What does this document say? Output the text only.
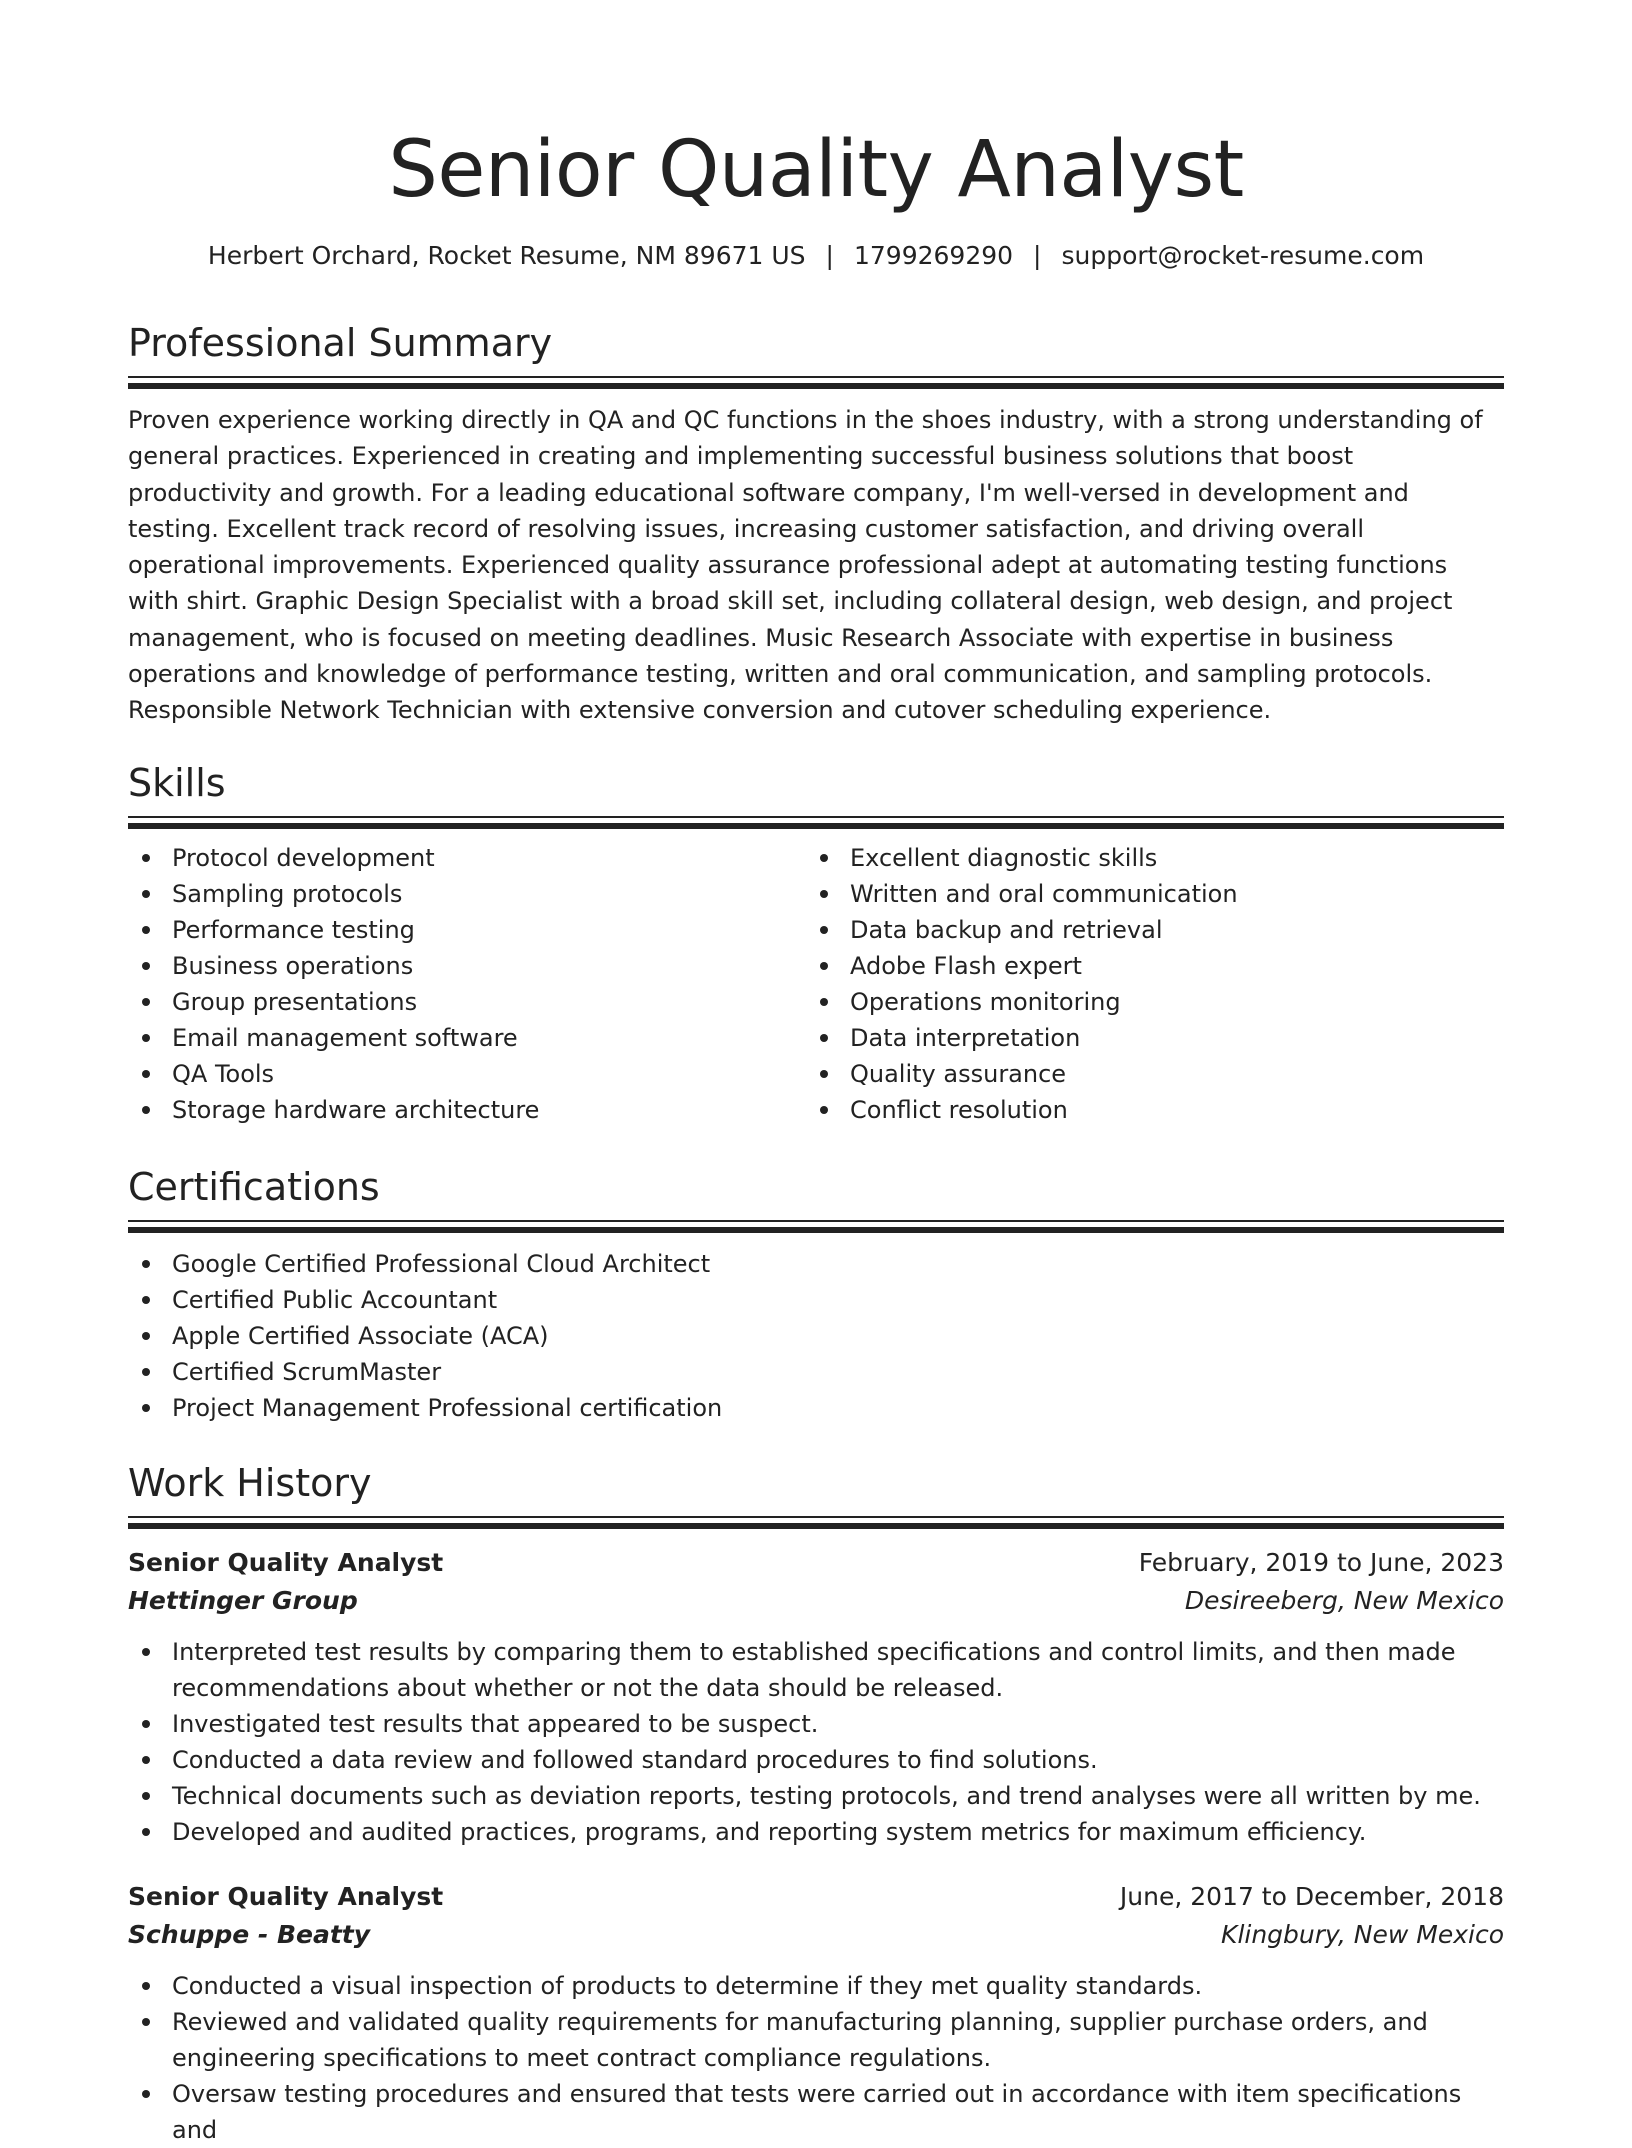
Senior Quality Analyst
Herbert Orchard, Rocket Resume, NM 89671 US | 1799269290 | support@rocket-resume.com
Professional Summary

Proven experience working directly in QA and QC functions in the shoes industry, with a strong understanding of general practices. Experienced in creating and implementing successful business solutions that boost productivity and growth. For a leading educational software company, I'm well-versed in development and testing. Excellent track record of resolving issues, increasing customer satisfaction, and driving overall operational improvements. Experienced quality assurance professional adept at automating testing functions with shirt. Graphic Design Specialist with a broad skill set, including collateral design, web design, and project management, who is focused on meeting deadlines. Music Research Associate with expertise in business operations and knowledge of performance testing, written and oral communication, and sampling protocols. Responsible Network Technician with extensive conversion and cutover scheduling experience.

Skills
Protocol development
Sampling protocols
Performance testing
Business operations
Group presentations
Email management software
QA Tools
Storage hardware architecture
Excellent diagnostic skills
Written and oral communication
Data backup and retrieval
Adobe Flash expert
Operations monitoring
Data interpretation
Quality assurance
Conflict resolution
Certifications
Google Certified Professional Cloud Architect
Certified Public Accountant
Apple Certified Associate (ACA)
Certified ScrumMaster
Project Management Professional certification
Work History
Senior Quality Analyst	February, 2019 to June, 2023
Hettinger Group	Desireeberg, New Mexico
Interpreted test results by comparing them to established specifications and control limits, and then made recommendations about whether or not the data should be released.
Investigated test results that appeared to be suspect.
Conducted a data review and followed standard procedures to find solutions.
Technical documents such as deviation reports, testing protocols, and trend analyses were all written by me.
Developed and audited practices, programs, and reporting system metrics for maximum efficiency.
Senior Quality Analyst	June, 2017 to December, 2018
Schuppe - Beatty	Klingbury, New Mexico
Conducted a visual inspection of products to determine if they met quality standards.
Reviewed and validated quality requirements for manufacturing planning, supplier purchase orders, and engineering specifications to meet contract compliance regulations.
Oversaw testing procedures and ensured that tests were carried out in accordance with item specifications and
